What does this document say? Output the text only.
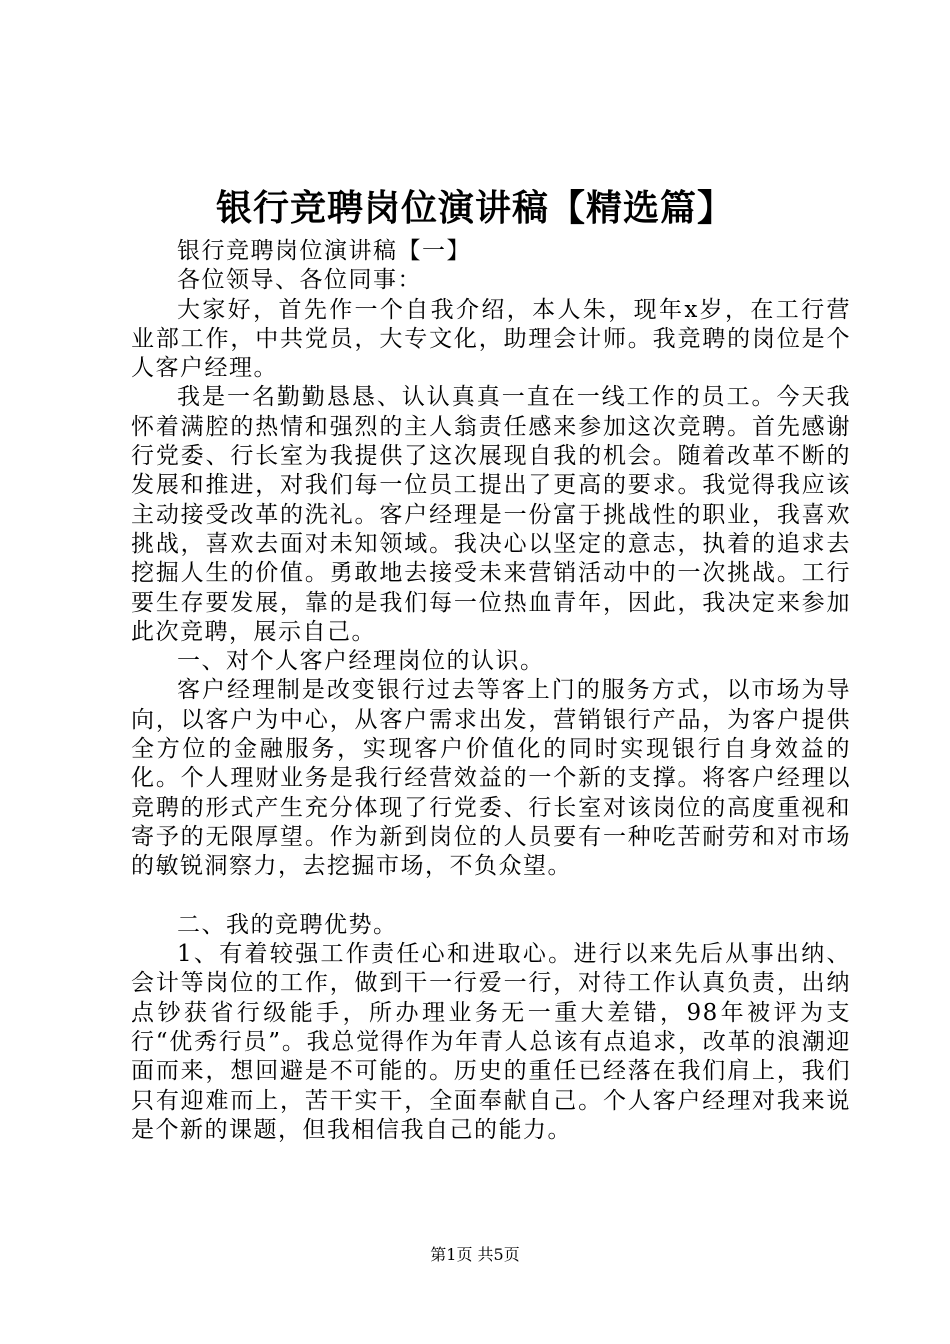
银行竞聘岗位演讲稿【精选篇】

银行竞聘岗位演讲稿【一】

各位领导、各位同事：

大家好，首先作一个自我介绍，本人朱，现年x岁，在工行营业部工作，中共党员，大专文化，助理会计师。我竞聘的岗位是个人客户经理。

我是一名勤勤恳恳、认认真真一直在一线工作的员工。今天我怀着满腔的热情和强烈的主人翁责任感来参加这次竞聘。首先感谢行党委、行长室为我提供了这次展现自我的机会。随着改革不断的发展和推进，对我们每一位员工提出了更高的要求。我觉得我应该主动接受改革的洗礼。客户经理是一份富于挑战性的职业，我喜欢挑战，喜欢去面对未知领域。我决心以坚定的意志，执着的追求去挖掘人生的价值。勇敢地去接受未来营销活动中的一次挑战。工行要生存要发展，靠的是我们每一位热血青年，因此，我决定来参加此次竞聘，展示自己。

一、对个人客户经理岗位的认识。

客户经理制是改变银行过去等客上门的服务方式，以市场为导向，以客户为中心，从客户需求出发，营销银行产品，为客户提供全方位的金融服务，实现客户价值化的同时实现银行自身效益的化。个人理财业务是我行经营效益的一个新的支撑。将客户经理以竞聘的形式产生充分体现了行党委、行长室对该岗位的高度重视和寄予的无限厚望。作为新到岗位的人员要有一种吃苦耐劳和对市场的敏锐洞察力，去挖掘市场，不负众望。

二、我的竞聘优势。

1、有着较强工作责任心和进取心。进行以来先后从事出纳、会计等岗位的工作，做到干一行爱一行，对待工作认真负责，出纳点钞获省行级能手，所办理业务无一重大差错，98年被评为支行“优秀行员”。我总觉得作为年青人总该有点追求，改革的浪潮迎面而来，想回避是不可能的。历史的重任已经落在我们肩上，我们只有迎难而上，苦干实干，全面奉献自己。个人客户经理对我来说是个新的课题，但我相信我自己的能力。

第1页 共5页
